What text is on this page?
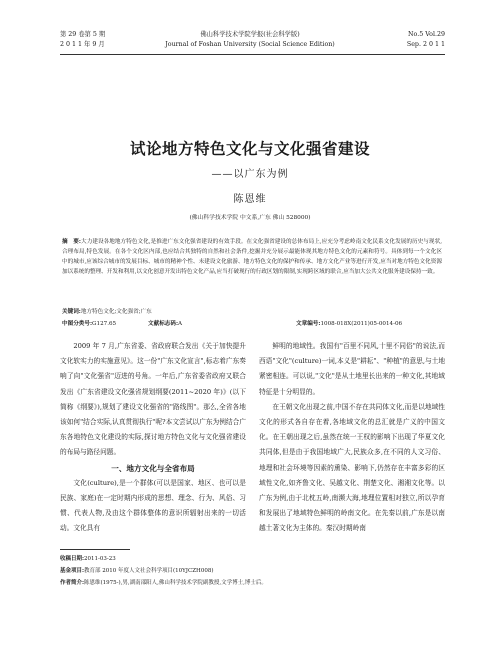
第 29 卷第 5 期
2 0 1 1 年 9 月
佛山科学技术学院学报(社会科学版)
Journal of Foshan University (Social Science Edition)
No.5 Vol.29
Sep. 2 0 1 1
试论地方特色文化与文化强省建设
——以广东为例
陈恩维
(佛山科学技术学院 中文系,广东 佛山 528000)
摘　要:大力建设各地地方特色文化,是推进广东文化强省建设的有效手段。在文化强省建设的总体布局上,应充分考虑岭南文化民系文化发展的历史与现状,合理布局,特色发展。在各个文化区内部,也应结合其独特的自然和社会条件,挖掘并充分展示最能体现其地方特色文化的元素和符号。具体到每一个文化区中的城市,应该综合城市的发展目标、城市的精神个性、未建设文化旅游、地方特色文化的保护和传承、地方文化产业等进行开发,应当对地方特色文化资源加以系统的整理、开发和利用,以文化创意开发出特色文化产品,应当打破现行的行政区划的限制,实现跨区域的联合,应当加大公共文化服务建设保持一致。
关键词:地方特色文化;文化强省;广东
中图分类号:G127.65	文献标志码:A	文章编号:1008-018X(2011)05-0014-06

2009 年 7 月,广东省委、省政府联合发出《关于加快提升文化软实力的实施意见》。这一份"广东文化宣言",标志着广东奏响了向"文化强省"迈进的号角。一年后,广东省委省政府又联合发出《广东省建设文化强省规划纲要(2011~2020 年)》(以下简称《纲要》),规划了建设文化强省的"路线图"。那么,全省各地该如何"结合实际,认真贯彻执行"呢?本文尝试以广东为例结合广东各地特色文化建设的实际,探讨地方特色文化与文化强省建设的布局与路径问题。

一、地方文化与全省布局

文化(culture),是一个群体(可以是国家、地区、也可以是民族、家庭)在一定时期内形成的思想、理念、行为、风俗、习惯、代表人物,及由这个群体整体的意识所辐射出来的一切活动。文化具有

鲜明的地域性。我国有"百里不同风,十里不同俗"的说法,而西语"文化"(culture)一词,本义是"耕耘"、"种植"的意思,与土地紧密相连。可以说,"文化"是从土地里长出来的一种文化,其地域特征是十分明显的。

在王朝文化出现之前,中国不存在共同体文化,而是以地域性文化的形式各自存在着,各地域文化的总汇就是广义的中国文化。在王朝出现之后,虽然在统一王权的影响下出现了华夏文化共同体,但是由于我国地域广大,民族众多,在不同的人文习俗、地理和社会环境等因素的熏染、影响下,仍然存在丰富多彩的区域性文化,如齐鲁文化、吴越文化、荆楚文化、湘湘文化等。以广东为例,由于北枕五岭,南濒大海,地理位置相对独立,所以孕育和发展出了地域特色鲜明的岭南文化。在先秦以前,广东是以南越土著文化为主体的。秦汉时期岭南

收稿日期:2011-03-23
基金项目:教育部 2010 年度人文社会科学项目(10YJCZH008)
作者简介:陈恩维(1975-),男,湖南邵阳人,佛山科学技术学院副教授,文学博士,博士后。
